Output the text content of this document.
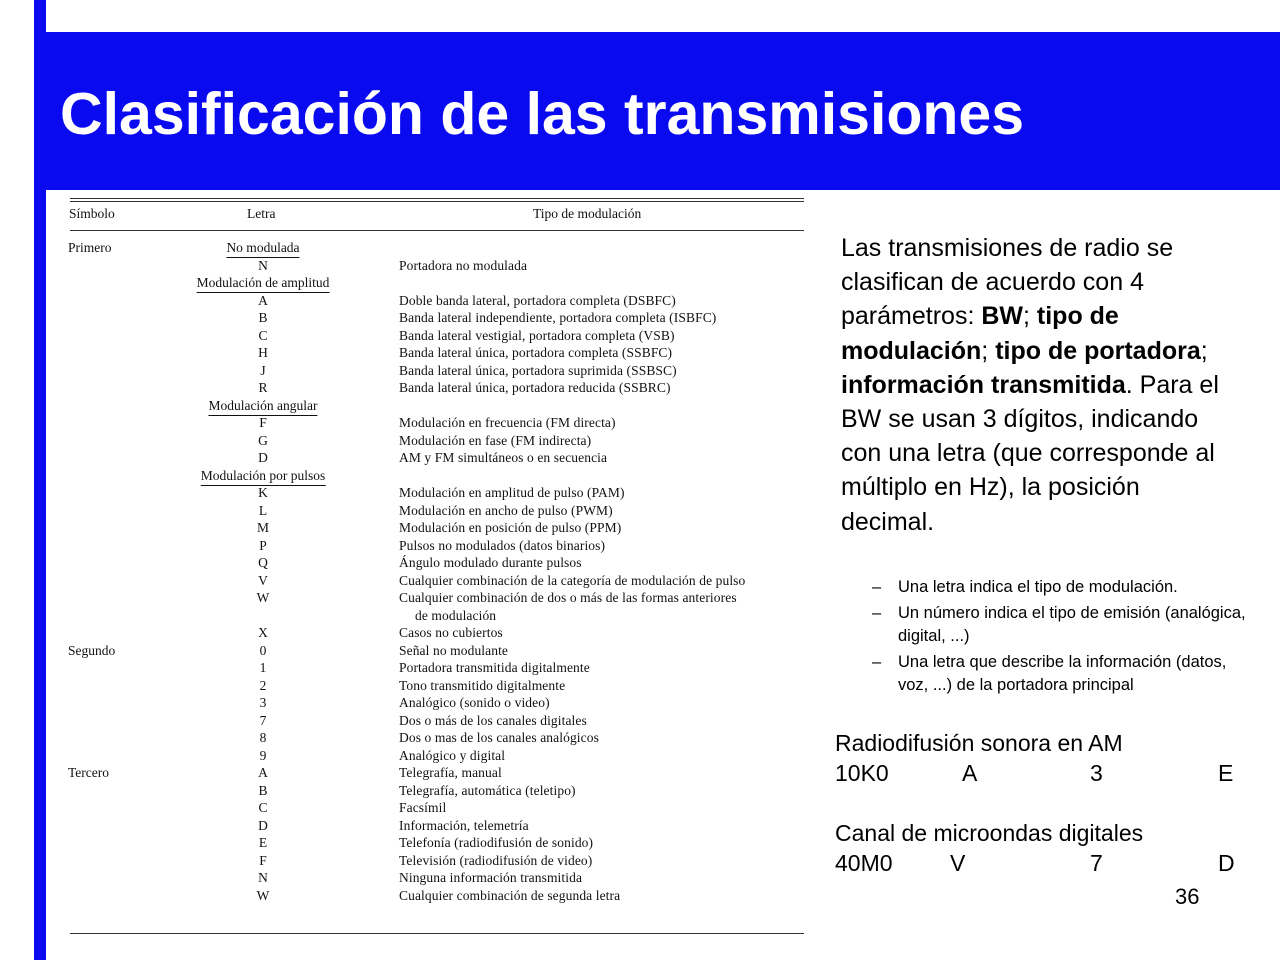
Clasificación de las transmisiones
Símbolo	Letra	Tipo de modulación
Primero	No modulada
N	Portadora no modulada
Modulación de amplitud
A	Doble banda lateral, portadora completa (DSBFC)
B	Banda lateral independiente, portadora completa (ISBFC)
C	Banda lateral vestigial, portadora completa (VSB)
H	Banda lateral única, portadora completa (SSBFC)
J	Banda lateral única, portadora suprimida (SSBSC)
R	Banda lateral única, portadora reducida (SSBRC)
Modulación angular
F	Modulación en frecuencia (FM directa)
G	Modulación en fase (FM indirecta)
D	AM y FM simultáneos o en secuencia
Modulación por pulsos
K	Modulación en amplitud de pulso (PAM)
L	Modulación en ancho de pulso (PWM)
M	Modulación en posición de pulso (PPM)
P	Pulsos no modulados (datos binarios)
Q	Ángulo modulado durante pulsos
V	Cualquier combinación de la categoría de modulación de pulso
W	Cualquier combinación de dos o más de las formas anteriores
de modulación
X	Casos no cubiertos
Segundo	0	Señal no modulante
1	Portadora transmitida digitalmente
2	Tono transmitido digitalmente
3	Analógico (sonido o video)
7	Dos o más de los canales digitales
8	Dos o mas de los canales analógicos
9	Analógico y digital
Tercero	A	Telegrafía, manual
B	Telegrafía, automática (teletipo)
C	Facsímil
D	Información, telemetría
E	Telefonía (radiodifusión de sonido)
F	Televisión (radiodifusión de video)
N	Ninguna información transmitida
W	Cualquier combinación de segunda letra
Las transmisiones de radio se clasifican de acuerdo con 4 parámetros: BW; tipo de modulación; tipo de portadora; información transmitida. Para el BW se usan 3 dígitos, indicando con una letra (que corresponde al múltiplo en Hz), la posición decimal.
– Una letra indica el tipo de modulación.
– Un número indica el tipo de emisión (analógica, digital, ...)
– Una letra que describe la información (datos, voz, ...) de la portadora principal
Radiodifusión sonora en AM
10K0	A	3	E
Canal de microondas digitales
40M0 V	7	D
36
